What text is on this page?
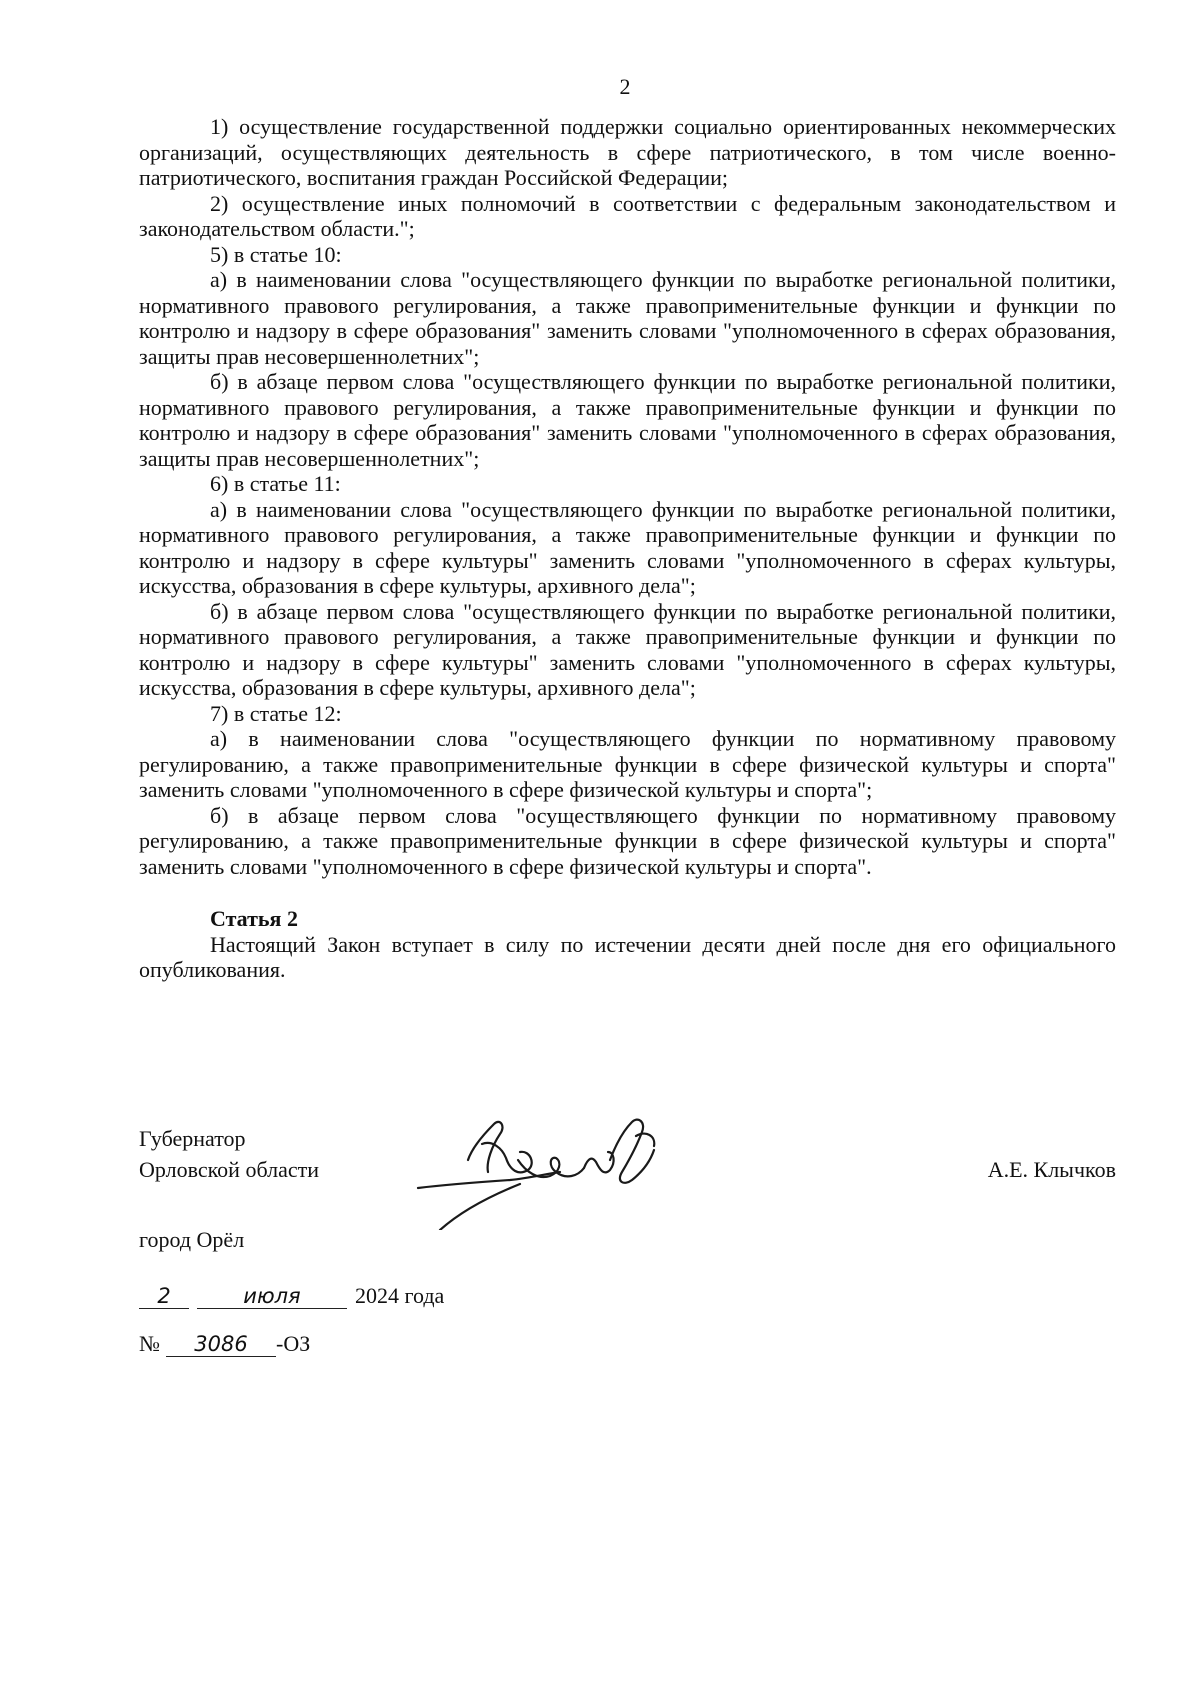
2

1) осуществление государственной поддержки социально ориентированных некоммерческих организаций, осуществляющих деятельность в сфере патриотического, в том числе военно-патриотического, воспитания граждан Российской Федерации;

2) осуществление иных полномочий в соответствии с федеральным законодательством и законодательством области.";

5) в статье 10:

а) в наименовании слова "осуществляющего функции по выработке региональной политики, нормативного правового регулирования, а также правоприменительные функции и функции по контролю и надзору в сфере образования" заменить словами "уполномоченного в сферах образования, защиты прав несовершеннолетних";

б) в абзаце первом слова "осуществляющего функции по выработке региональной политики, нормативного правового регулирования, а также правоприменительные функции и функции по контролю и надзору в сфере образования" заменить словами "уполномоченного в сферах образования, защиты прав несовершеннолетних";

6) в статье 11:

а) в наименовании слова "осуществляющего функции по выработке региональной политики, нормативного правового регулирования, а также правоприменительные функции и функции по контролю и надзору в сфере культуры" заменить словами "уполномоченного в сферах культуры, искусства, образования в сфере культуры, архивного дела";

б) в абзаце первом слова "осуществляющего функции по выработке региональной политики, нормативного правового регулирования, а также правоприменительные функции и функции по контролю и надзору в сфере культуры" заменить словами "уполномоченного в сферах культуры, искусства, образования в сфере культуры, архивного дела";

7) в статье 12:

а) в наименовании слова "осуществляющего функции по нормативному правовому регулированию, а также правоприменительные функции в сфере физической культуры и спорта" заменить словами "уполномоченного в сфере физической культуры и спорта";

б) в абзаце первом слова "осуществляющего функции по нормативному правовому регулированию, а также правоприменительные функции в сфере физической культуры и спорта" заменить словами "уполномоченного в сфере физической культуры и спорта".

Статья 2

Настоящий Закон вступает в силу по истечении десяти дней после дня его официального опубликования.

Губернатор
Орловской области	А.Е. Клычков
город Орёл
2	июля	2024 года
№	3086	-ОЗ
